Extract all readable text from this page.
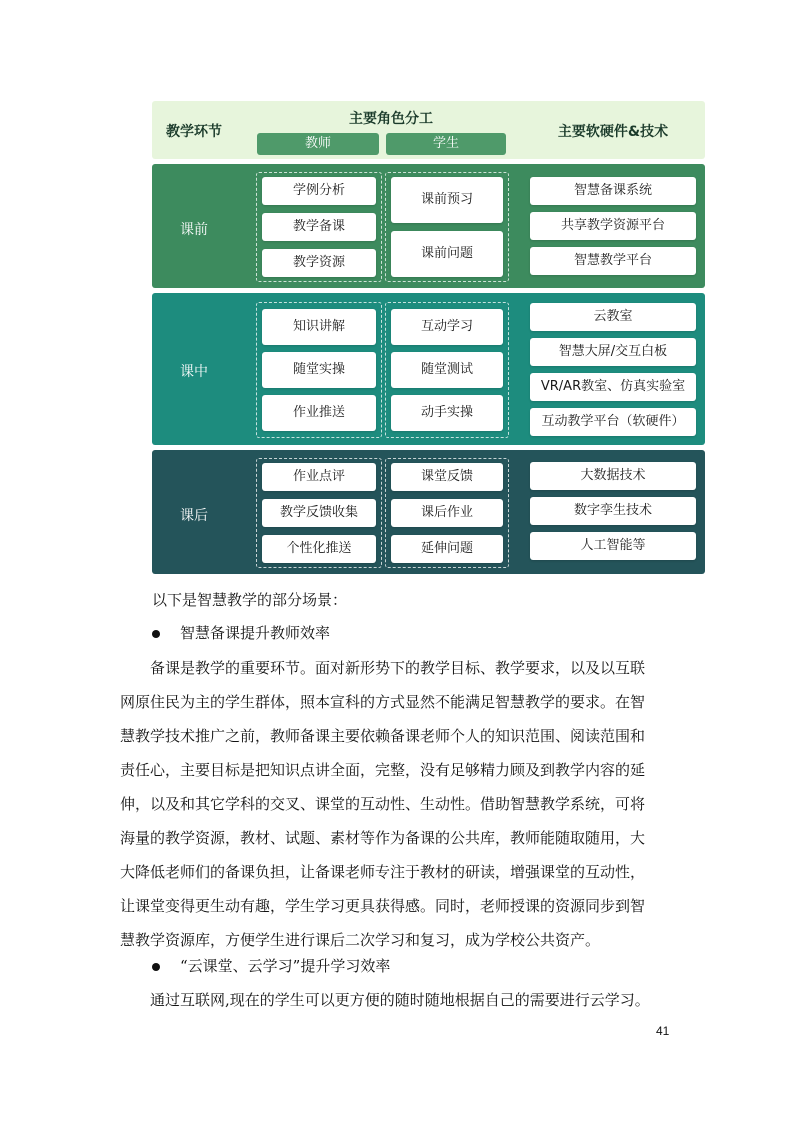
教学环节
主要角色分工
教师	学生
主要软硬件&技术
课前
学例分析
教学备课
教学资源
课前预习
课前问题
智慧备课系统
共享教学资源平台
智慧教学平台
课中
知识讲解
随堂实操
作业推送
互动学习
随堂测试
动手实操
云教室
智慧大屏/交互白板
VR/AR教室、仿真实验室
互动教学平台（软硬件）
课后
作业点评
教学反馈收集
个性化推送
课堂反馈
课后作业
延伸问题
大数据技术
数字孪生技术
人工智能等
以下是智慧教学的部分场景：
智慧备课提升教师效率
备课是教学的重要环节。面对新形势下的教学目标、教学要求，以及以互联
网原住民为主的学生群体，照本宣科的方式显然不能满足智慧教学的要求。在智
慧教学技术推广之前，教师备课主要依赖备课老师个人的知识范围、阅读范围和
责任心，主要目标是把知识点讲全面，完整，没有足够精力顾及到教学内容的延
伸，以及和其它学科的交叉、课堂的互动性、生动性。借助智慧教学系统，可将
海量的教学资源，教材、试题、素材等作为备课的公共库，教师能随取随用，大
大降低老师们的备课负担，让备课老师专注于教材的研读，增强课堂的互动性，
让课堂变得更生动有趣，学生学习更具获得感。同时，老师授课的资源同步到智
慧教学资源库，方便学生进行课后二次学习和复习，成为学校公共资产。
“云课堂、云学习”提升学习效率
通过互联网,现在的学生可以更方便的随时随地根据自己的需要进行云学习。
41
